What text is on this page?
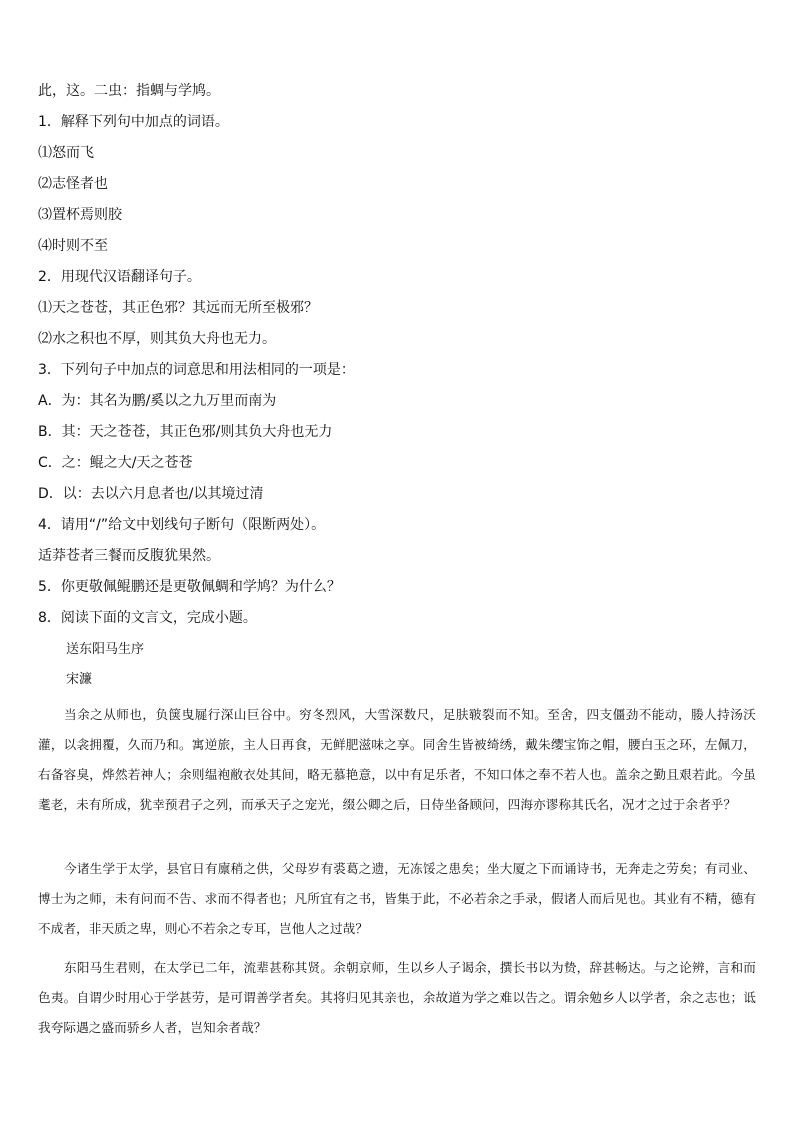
此，这。二虫：指蜩与学鸠。
1．解释下列句中加点的词语。
⑴怒而飞
⑵志怪者也
⑶置杯焉则胶
⑷时则不至
2．用现代汉语翻译句子。
⑴天之苍苍，其正色邪？其远而无所至极邪？
⑵水之积也不厚，则其负大舟也无力。
3．下列句子中加点的词意思和用法相同的一项是：
A．为：其名为鹏/奚以之九万里而南为
B．其：天之苍苍，其正色邪/则其负大舟也无力
C．之：鲲之大/天之苍苍
D．以：去以六月息者也/以其境过清
4．请用“/”给文中划线句子断句（限断两处）。
适莽苍者三餐而反腹犹果然。
5．你更敬佩鲲鹏还是更敬佩蜩和学鸠？为什么？
8．阅读下面的文言文，完成小题。
送东阳马生序
宋濂
当余之从师也，负箧曳屣行深山巨谷中。穷冬烈风，大雪深数尺，足肤皲裂而不知。至舍，四支僵劲不能动，媵人持汤沃灌，以衾拥覆，久而乃和。寓逆旅，主人日再食，无鲜肥滋味之享。同舍生皆被绮绣，戴朱缨宝饰之帽，腰白玉之环，左佩刀，右备容臭，烨然若神人；余则缊袍敝衣处其间，略无慕艳意，以中有足乐者，不知口体之奉不若人也。盖余之勤且艰若此。今虽耄老，未有所成，犹幸预君子之列，而承天子之宠光，缀公卿之后，日侍坐备顾问，四海亦谬称其氏名，况才之过于余者乎？
今诸生学于太学，县官日有廪稍之供，父母岁有裘葛之遗，无冻馁之患矣；坐大厦之下而诵诗书，无奔走之劳矣；有司业、博士为之师，未有问而不告、求而不得者也；凡所宜有之书，皆集于此，不必若余之手录，假诸人而后见也。其业有不精，德有不成者，非天质之卑，则心不若余之专耳，岂他人之过哉？
东阳马生君则，在太学已二年，流辈甚称其贤。余朝京师，生以乡人子谒余，撰长书以为贽，辞甚畅达。与之论辨，言和而色夷。自谓少时用心于学甚劳，是可谓善学者矣。其将归见其亲也，余故道为学之难以告之。谓余勉乡人以学者，余之志也；诋我夸际遇之盛而骄乡人者，岂知余者哉？
